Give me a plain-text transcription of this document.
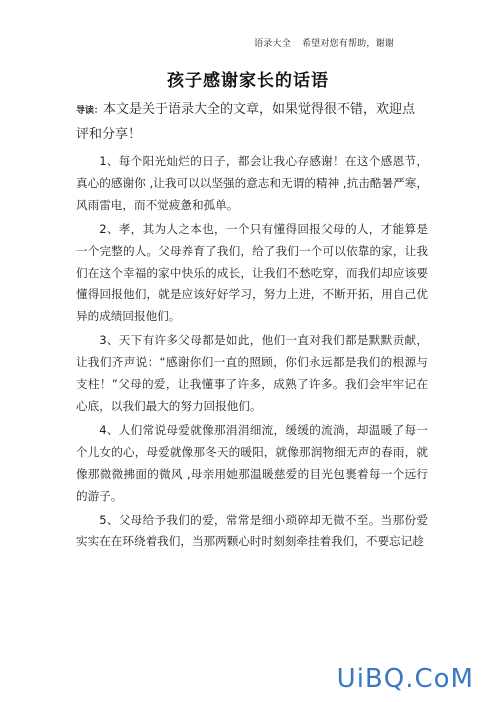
语录大全 希望对您有帮助，谢谢
孩子感谢家长的话语
导读：本文是关于语录大全的文章，如果觉得很不错，欢迎点评和分享！

1、每个阳光灿烂的日子，都会让我心存感谢！在这个感恩节，真心的感谢你 ,让我可以以坚强的意志和无谓的精神 ,抗击酷暑严寒，风雨雷电，而不觉疲惫和孤单。

2、孝，其为人之本也，一个只有懂得回报父母的人，才能算是一个完整的人。父母养育了我们，给了我们一个可以依靠的家，让我们在这个幸福的家中快乐的成长，让我们不愁吃穿，而我们却应该要懂得回报他们，就是应该好好学习，努力上进，不断开拓，用自己优异的成绩回报他们。

3、天下有许多父母都是如此，他们一直对我们都是默默贡献，让我们齐声说：“感谢你们一直的照顾，你们永远都是我们的根源与支柱！”父母的爱，让我懂事了许多，成熟了许多。我们会牢牢记在心底，以我们最大的努力回报他们。

4、人们常说母爱就像那涓涓细流，缓缓的流淌，却温暖了每一个儿女的心，母爱就像那冬天的暖阳，就像那润物细无声的春雨，就像那微微拂面的微风 ,母亲用她那温暖慈爱的目光包裹着每一个远行的游子。

5、父母给予我们的爱，常常是细小琐碎却无微不至。当那份爱实实在在环绕着我们，当那两颗心时时刻刻牵挂着我们，不要忘记趁

UiBQ.CoM
